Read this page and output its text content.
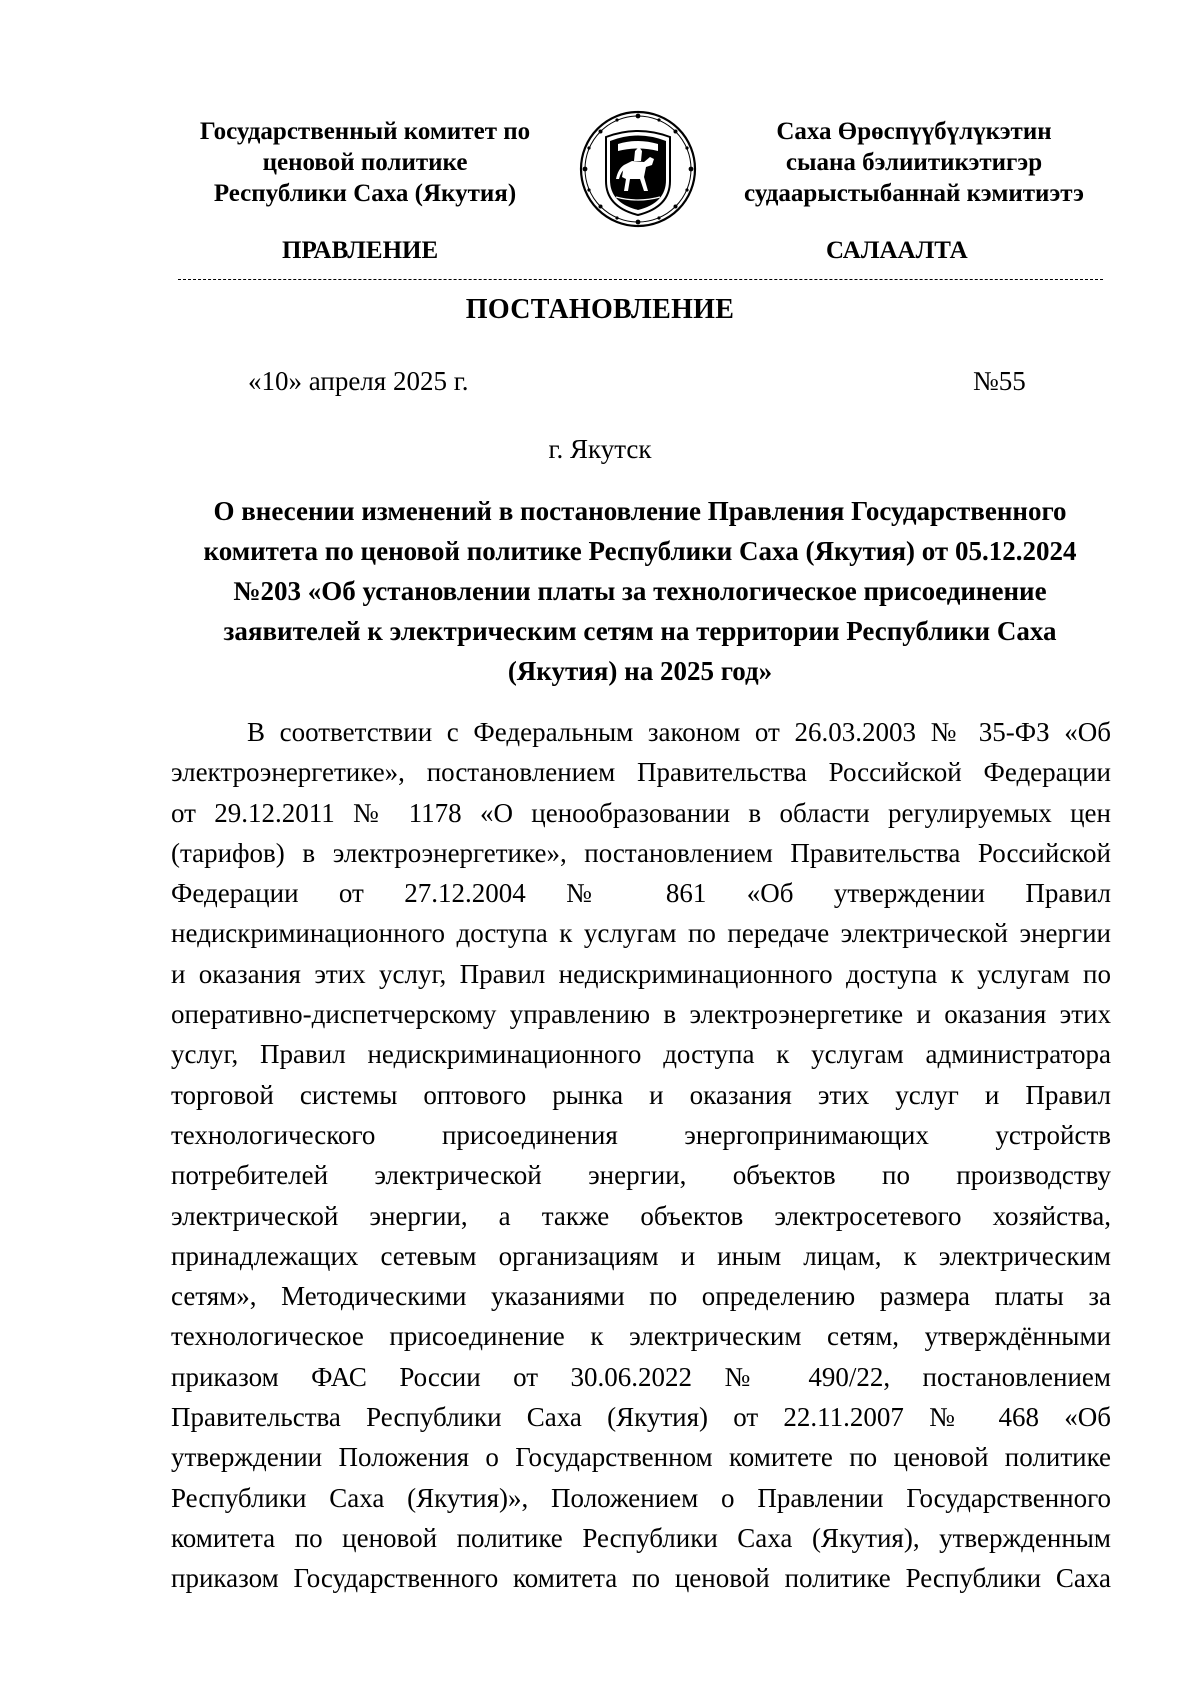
Государственный комитет по
ценовой политике
Республики Саха (Якутия)
Саха Өрөспүүбүлүкэтин
сыана бэлиитикэтигэр
судаарыстыбаннай кэмитиэтэ
ПРАВЛЕНИЕ	САЛААЛТА
ПОСТАНОВЛЕНИЕ
«10» апреля 2025 г.	№55
г. Якутск
О внесении изменений в постановление Правления Государственного
комитета по ценовой политике Республики Саха (Якутия) от 05.12.2024
№203 «Об установлении платы за технологическое присоединение
заявителей к электрическим сетям на территории Республики Саха
(Якутия) на 2025 год»
В соответствии с Федеральным законом от 26.03.2003 № 35-ФЗ «Об
электроэнергетике», постановлением Правительства Российской Федерации
от 29.12.2011 № 1178 «О ценообразовании в области регулируемых цен
(тарифов) в электроэнергетике», постановлением Правительства Российской
Федерации от 27.12.2004 № 861 «Об утверждении Правил
недискриминационного доступа к услугам по передаче электрической энергии
и оказания этих услуг, Правил недискриминационного доступа к услугам по
оперативно-диспетчерскому управлению в электроэнергетике и оказания этих
услуг, Правил недискриминационного доступа к услугам администратора
торговой системы оптового рынка и оказания этих услуг и Правил
технологического присоединения энергопринимающих устройств
потребителей электрической энергии, объектов по производству
электрической энергии, а также объектов электросетевого хозяйства,
принадлежащих сетевым организациям и иным лицам, к электрическим
сетям», Методическими указаниями по определению размера платы за
технологическое присоединение к электрическим сетям, утверждёнными
приказом ФАС России от 30.06.2022 № 490/22, постановлением
Правительства Республики Саха (Якутия) от 22.11.2007 № 468 «Об
утверждении Положения о Государственном комитете по ценовой политике
Республики Саха (Якутия)», Положением о Правлении Государственного
комитета по ценовой политике Республики Саха (Якутия), утвержденным
приказом Государственного комитета по ценовой политике Республики Саха
